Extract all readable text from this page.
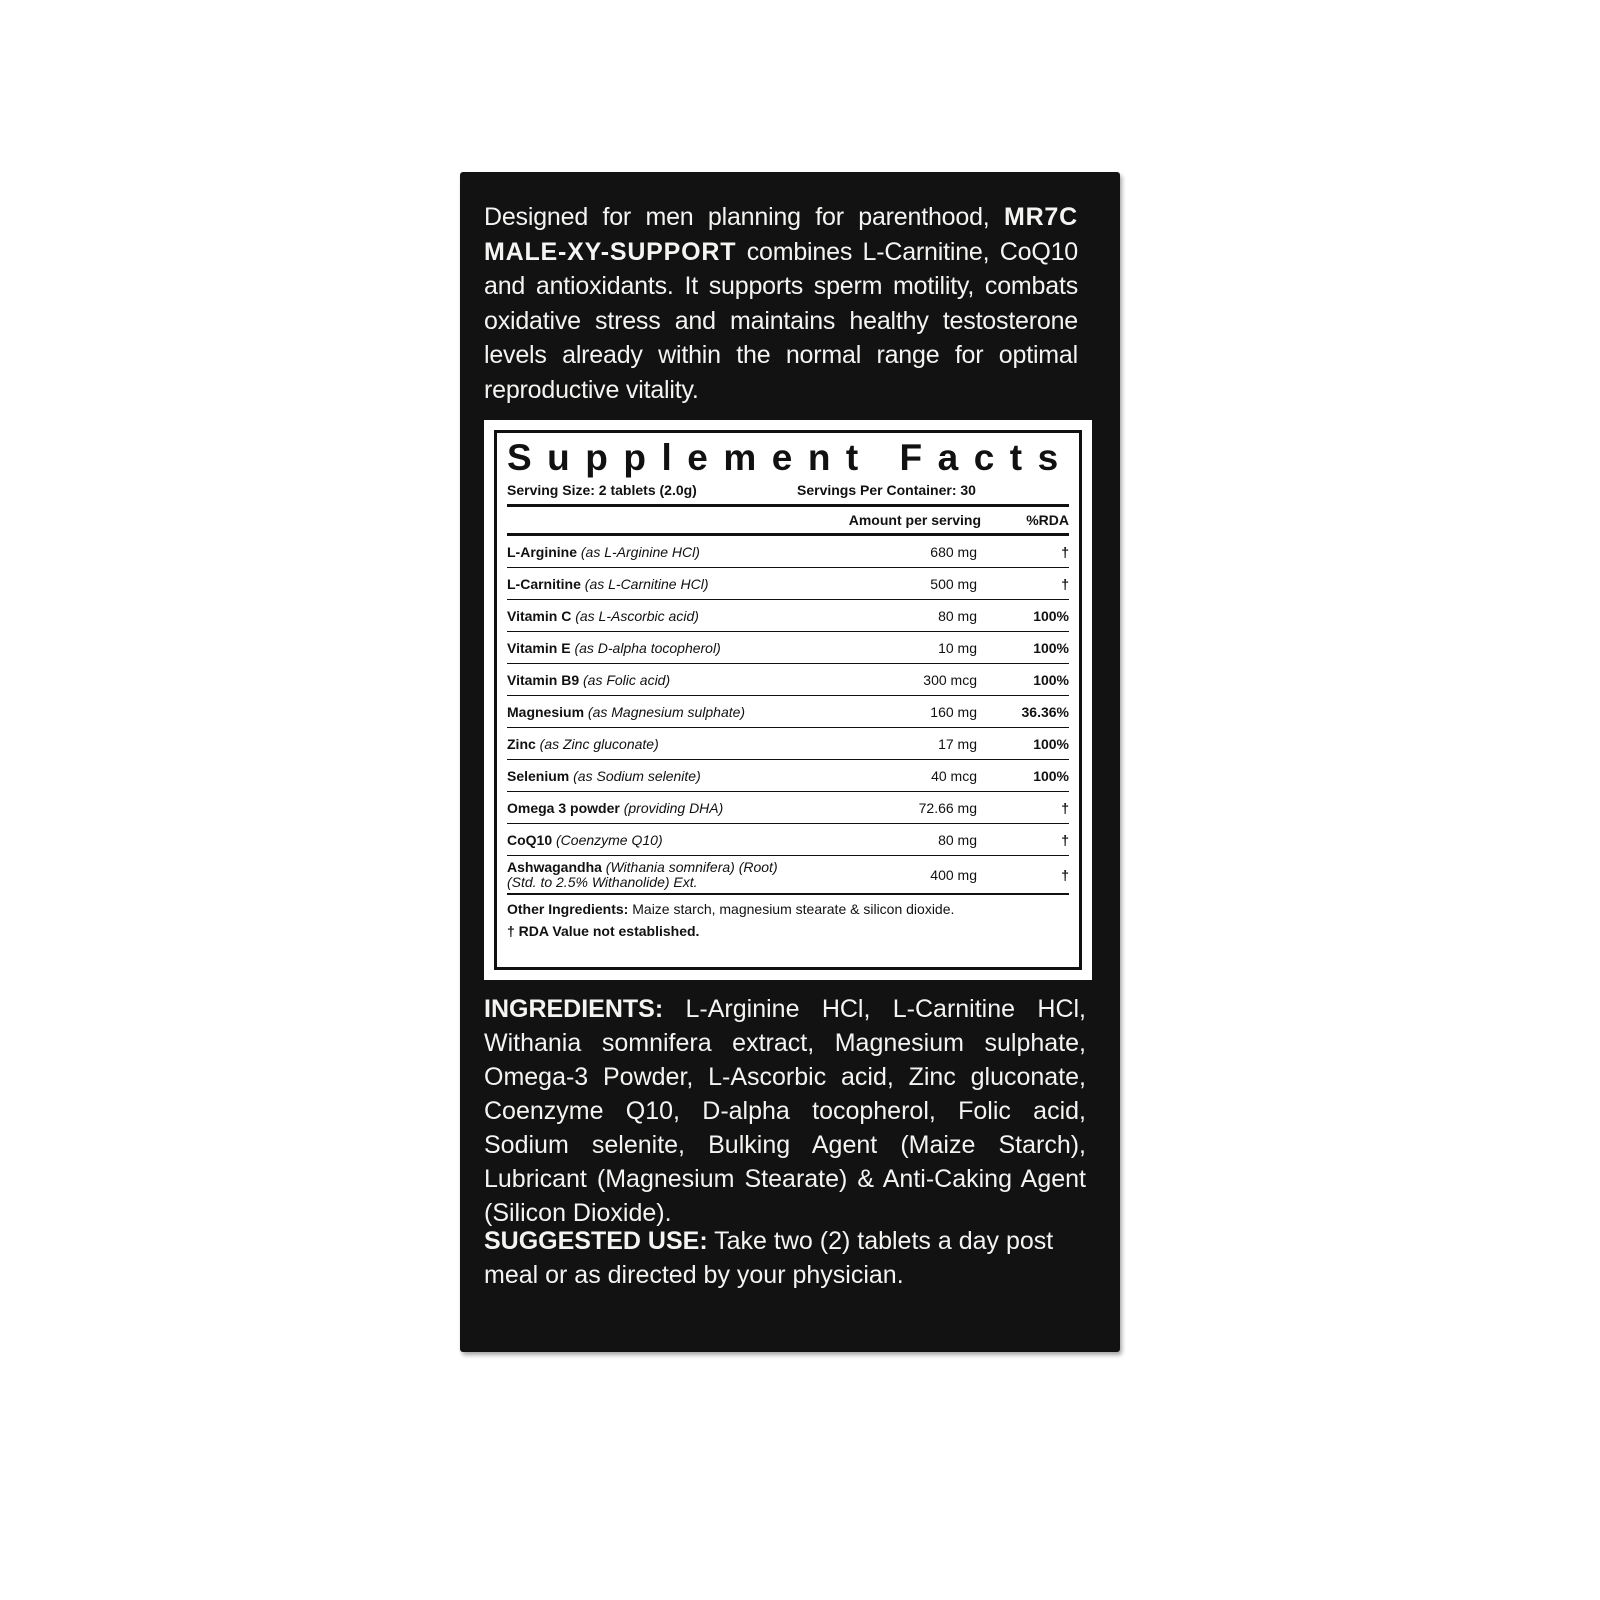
Designed for men planning for parenthood, MR7C MALE-XY-SUPPORT combines L-Carnitine, CoQ10 and antioxidants. It supports sperm motility, combats oxidative stress and maintains healthy testosterone levels already within the normal range for optimal reproductive vitality.

Supplement Facts
Serving Size: 2 tablets (2.0g)	Servings Per Container: 30
Amount per serving	%RDA
L-Arginine (as L-Arginine HCl)	680 mg	†
L-Carnitine (as L-Carnitine HCl)	500 mg	†
Vitamin C (as L-Ascorbic acid)	80 mg	100%
Vitamin E (as D-alpha tocopherol)	10 mg	100%
Vitamin B9 (as Folic acid)	300 mcg	100%
Magnesium (as Magnesium sulphate)	160 mg	36.36%
Zinc (as Zinc gluconate)	17 mg	100%
Selenium (as Sodium selenite)	40 mcg	100%
Omega 3 powder (providing DHA)	72.66 mg	†
CoQ10 (Coenzyme Q10)	80 mg	†
Ashwagandha (Withania somnifera) (Root)
(Std. to 2.5% Withanolide) Ext.	400 mg	†
Other Ingredients: Maize starch, magnesium stearate & silicon dioxide.
† RDA Value not established.

INGREDIENTS: L-Arginine HCl, L-Carnitine HCl, Withania somnifera extract, Magnesium sulphate, Omega-3 Powder, L-Ascorbic acid, Zinc gluconate, Coenzyme Q10, D-alpha tocopherol, Folic acid, Sodium selenite, Bulking Agent (Maize Starch), Lubricant (Magnesium Stearate) & Anti-Caking Agent (Silicon Dioxide).

SUGGESTED USE: Take two (2) tablets a day post meal or as directed by your physician.
